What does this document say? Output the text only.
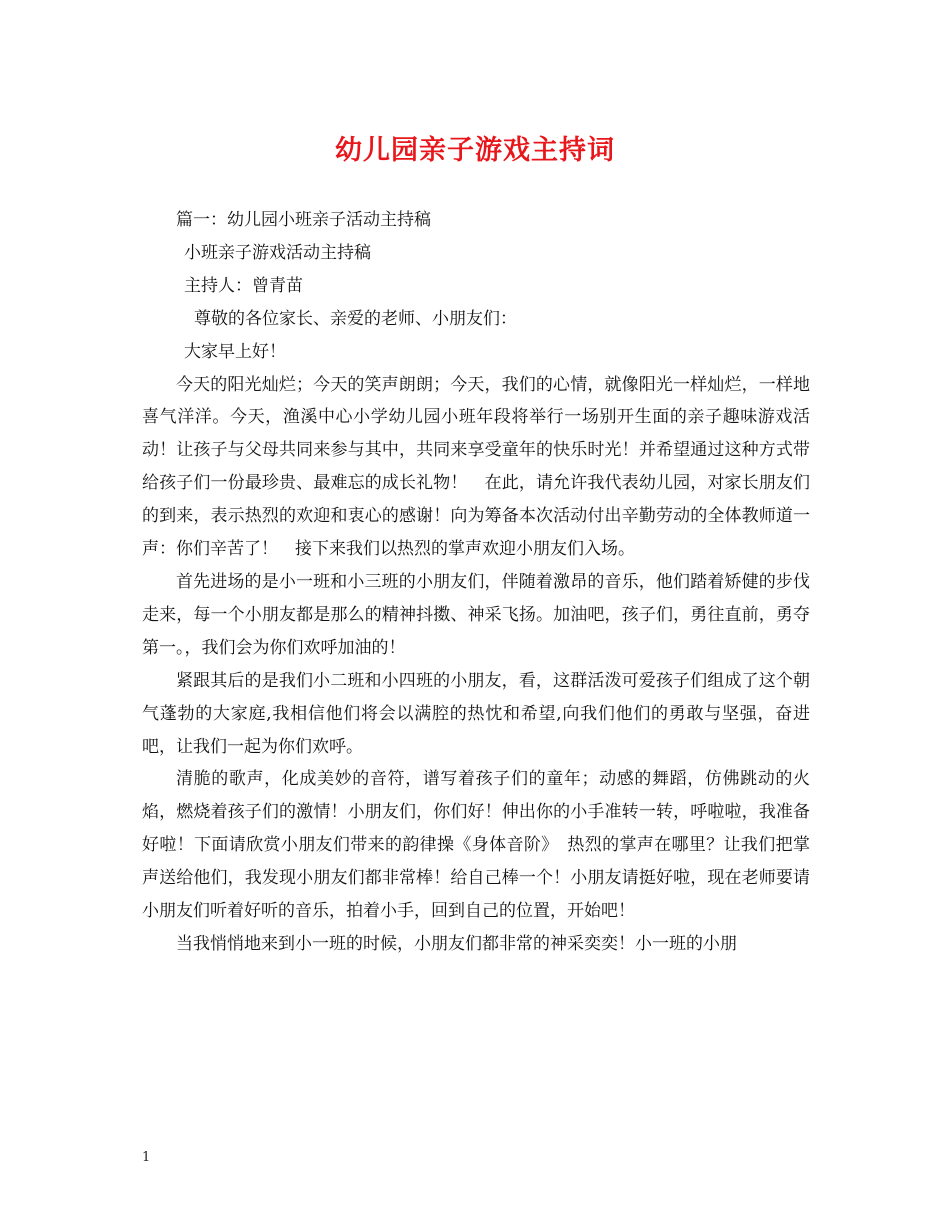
幼儿园亲子游戏主持词

篇一：幼儿园小班亲子活动主持稿

小班亲子游戏活动主持稿

主持人：曾青苗

尊敬的各位家长、亲爱的老师、小朋友们：

大家早上好！

今天的阳光灿烂；今天的笑声朗朗；今天，我们的心情，就像阳光一样灿烂，一样地喜气洋洋。今天，渔溪中心小学幼儿园小班年段将举行一场别开生面的亲子趣味游戏活动！让孩子与父母共同来参与其中，共同来享受童年的快乐时光！并希望通过这种方式带给孩子们一份最珍贵、最难忘的成长礼物！　在此，请允许我代表幼儿园，对家长朋友们的到来，表示热烈的欢迎和衷心的感谢！向为筹备本次活动付出辛勤劳动的全体教师道一声：你们辛苦了！　接下来我们以热烈的掌声欢迎小朋友们入场。

首先进场的是小一班和小三班的小朋友们，伴随着激昂的音乐，他们踏着矫健的步伐走来，每一个小朋友都是那么的精神抖擞、神采飞扬。加油吧，孩子们，勇往直前，勇夺第一。，我们会为你们欢呼加油的！

紧跟其后的是我们小二班和小四班的小朋友，看，这群活泼可爱孩子们组成了这个朝气蓬勃的大家庭,我相信他们将会以满腔的热忱和希望,向我们他们的勇敢与坚强，奋进吧，让我们一起为你们欢呼。

清脆的歌声，化成美妙的音符，谱写着孩子们的童年；动感的舞蹈，仿佛跳动的火焰，燃烧着孩子们的激情！小朋友们，你们好！伸出你的小手准转一转，呼啦啦，我准备好啦！下面请欣赏小朋友们带来的韵律操《身体音阶》　热烈的掌声在哪里？让我们把掌声送给他们，我发现小朋友们都非常棒！给自己棒一个！小朋友请挺好啦，现在老师要请小朋友们听着好听的音乐，拍着小手，回到自己的位置，开始吧！

当我悄悄地来到小一班的时候，小朋友们都非常的神采奕奕！小一班的小朋

1
